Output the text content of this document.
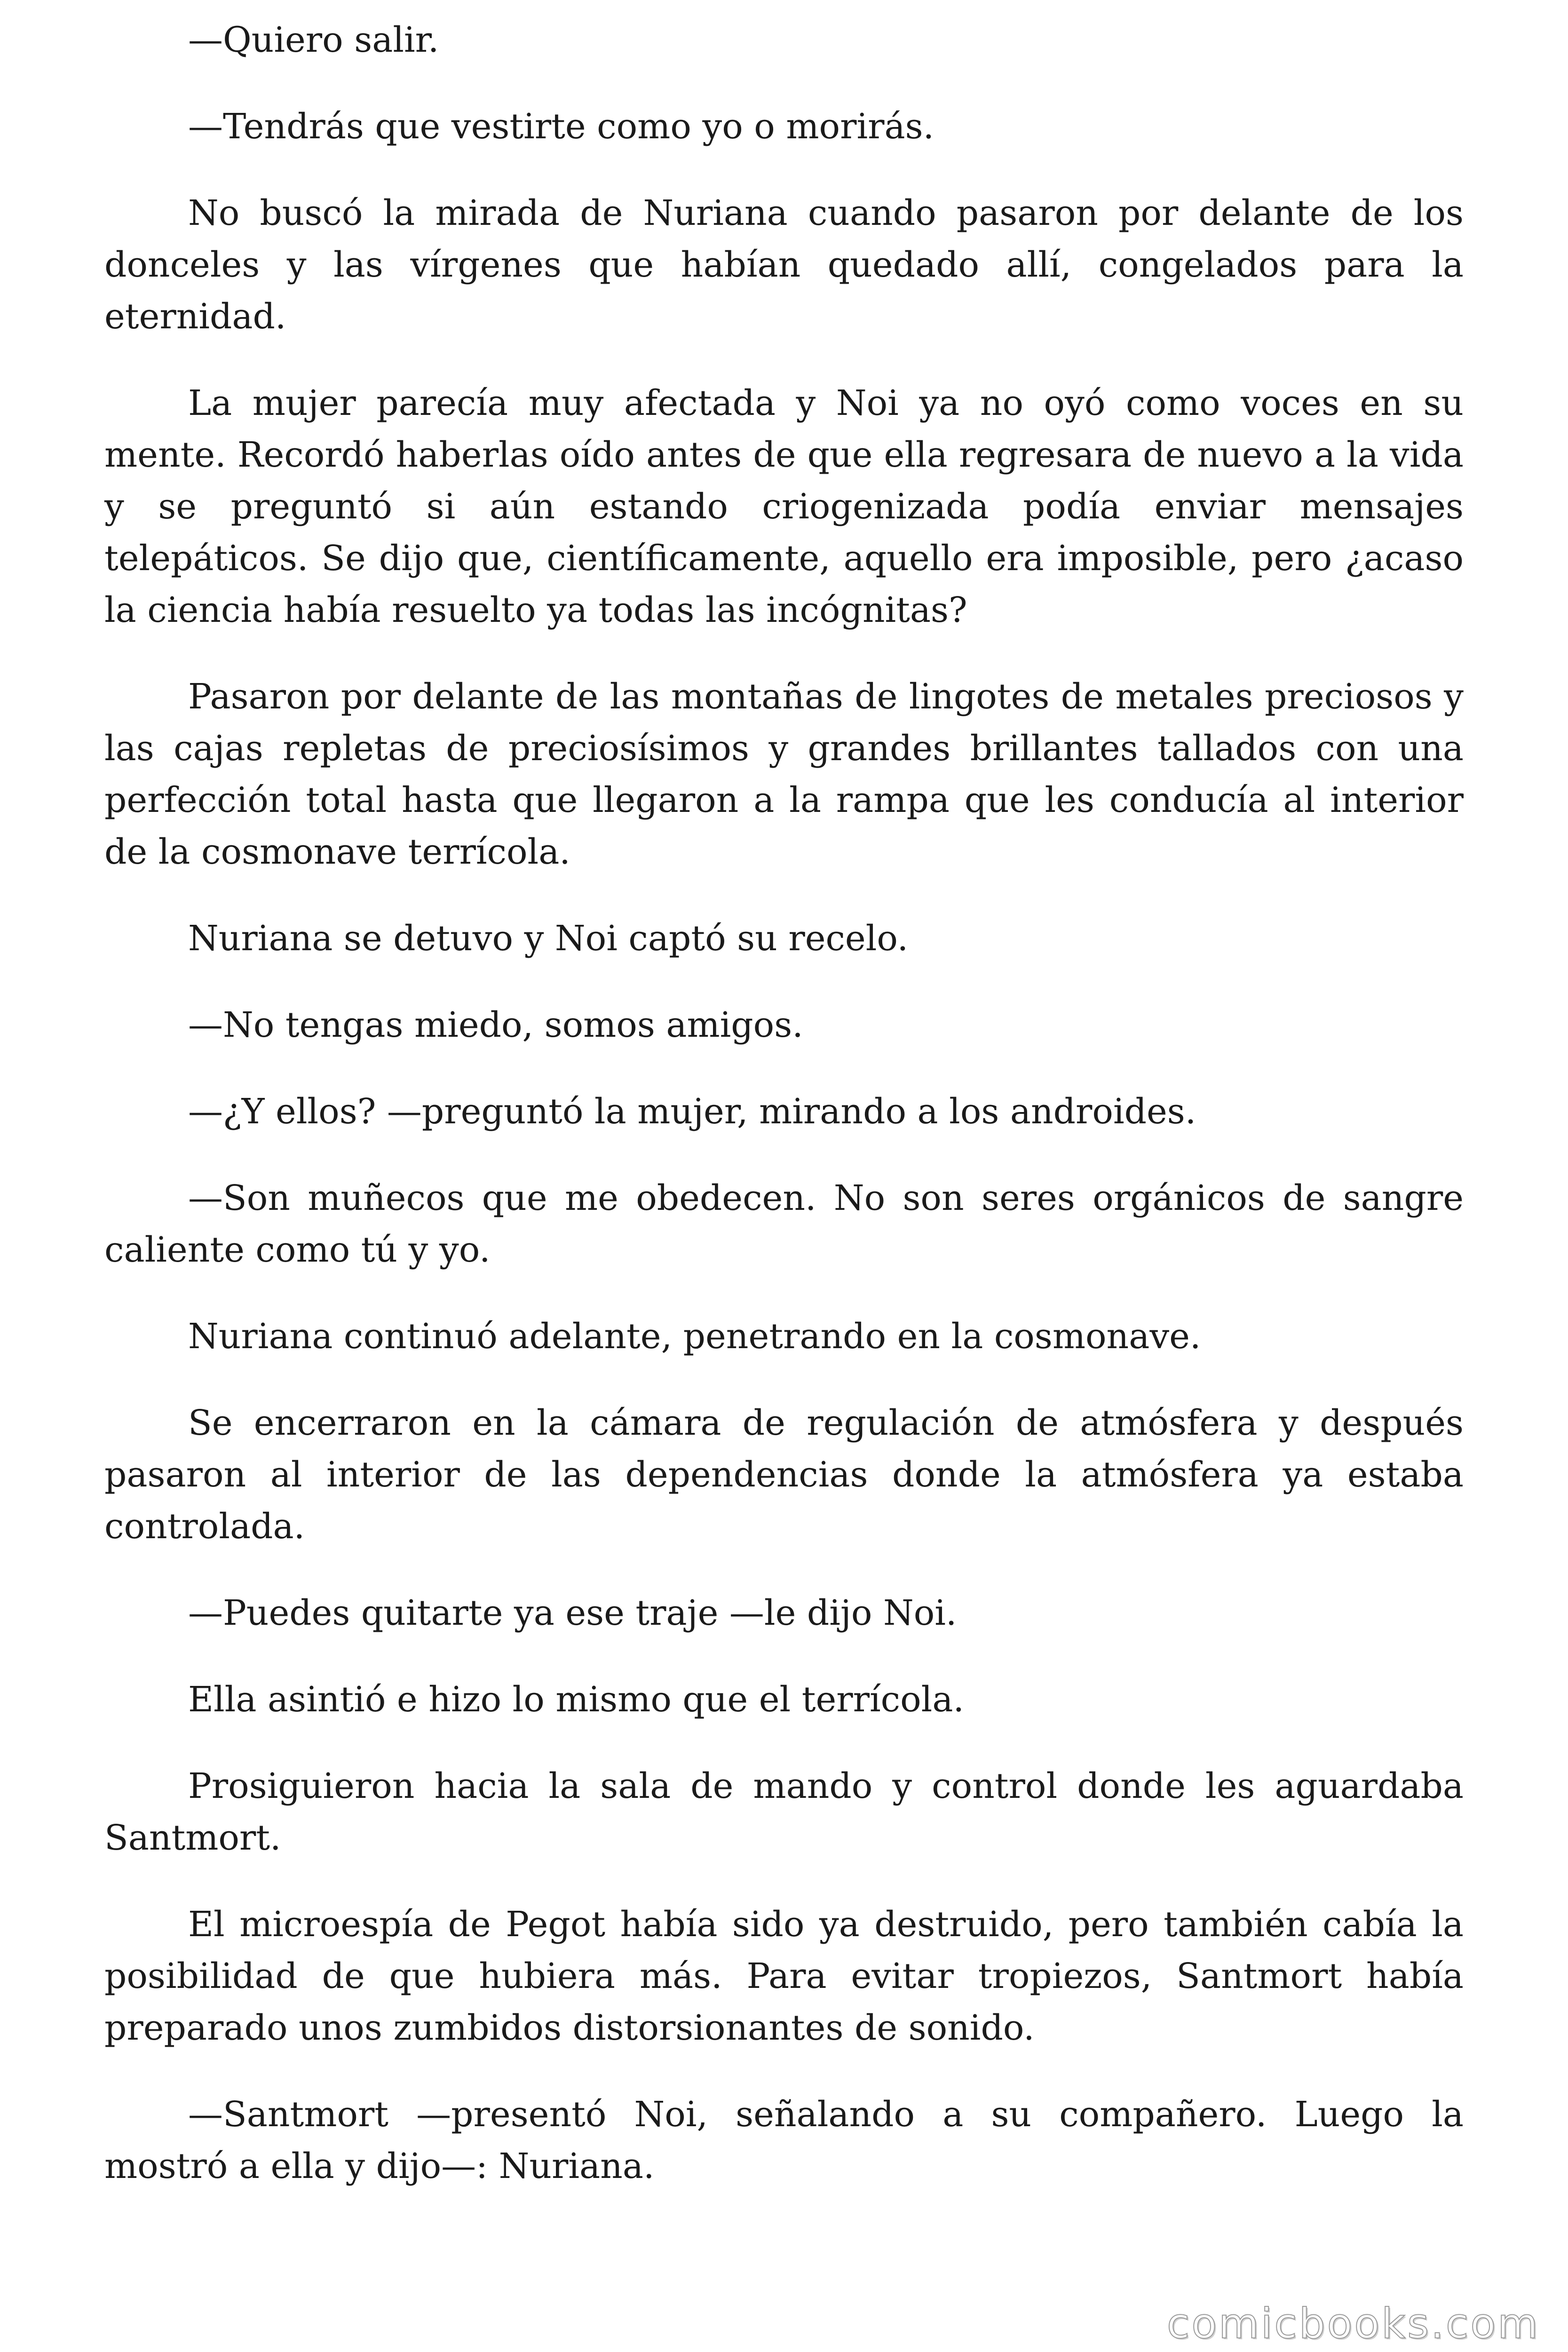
—Quiero salir.

—Tendrás que vestirte como yo o morirás.

No buscó la mirada de Nuriana cuando pasaron por delante de los donceles y las vírgenes que habían quedado allí, congelados para la eternidad.

La mujer parecía muy afectada y Noi ya no oyó como voces en su mente. Recordó haberlas oído antes de que ella regresara de nuevo a la vida y se preguntó si aún estando criogenizada podía enviar mensajes telepáticos. Se dijo que, científicamente, aquello era imposible, pero ¿acaso la ciencia había resuelto ya todas las incógnitas?

Pasaron por delante de las montañas de lingotes de metales preciosos y las cajas repletas de preciosísimos y grandes brillantes tallados con una perfección total hasta que llegaron a la rampa que les conducía al interior de la cosmonave terrícola.

Nuriana se detuvo y Noi captó su recelo.

—No tengas miedo, somos amigos.

—¿Y ellos? —preguntó la mujer, mirando a los androides.

—Son muñecos que me obedecen. No son seres orgánicos de sangre caliente como tú y yo.

Nuriana continuó adelante, penetrando en la cosmonave.

Se encerraron en la cámara de regulación de atmósfera y después pasaron al interior de las dependencias donde la atmósfera ya estaba controlada.

—Puedes quitarte ya ese traje —le dijo Noi.

Ella asintió e hizo lo mismo que el terrícola.

Prosiguieron hacia la sala de mando y control donde les aguardaba Santmort.

El microespía de Pegot había sido ya destruido, pero también cabía la posibilidad de que hubiera más. Para evitar tropiezos, Santmort había preparado unos zumbidos distorsionantes de sonido.

—Santmort —presentó Noi, señalando a su compañero. Luego la mostró a ella y dijo—: Nuriana.

comicbooks.com
